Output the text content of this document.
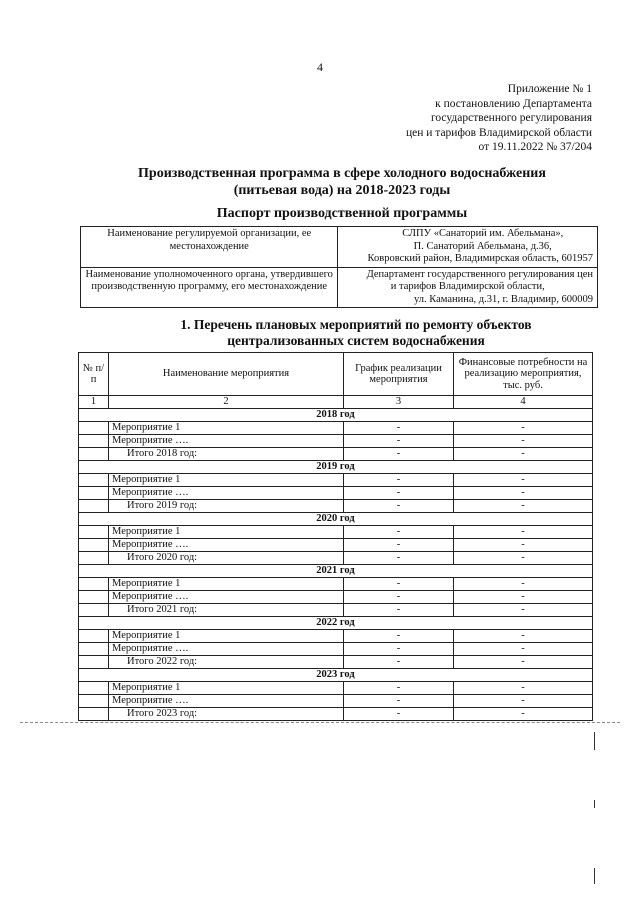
4
Приложение № 1
к постановлению Департамента
государственного регулирования
цен и тарифов Владимирской области
от 19.11.2022 № 37/204
Производственная программа в сфере холодного водоснабжения
(питьевая вода) на 2018-2023 годы
Паспорт производственной программы
Наименование регулируемой организации, ее местонахождение	СЛПУ «Санаторий им. Абельмана»,
П. Санаторий Абельмана, д.36,
Ковровский район, Владимирская область, 601957

Наименование уполномоченного органа, утвердившего производственную программу, его местонахождение	Департамент государственного регулирования цен
и тарифов Владимирской области,
ул. Каманина, д.31, г. Владимир, 600009
1. Перечень плановых мероприятий по ремонту объектов
централизованных систем водоснабжения
№ п/п	Наименование мероприятия	График реализации мероприятия	Финансовые потребности на реализацию мероприятия, тыс. руб.
1	2	3	4
2018 год			
	Мероприятие 1	-	-
	Мероприятие ….	-	-
	Итого 2018 год:	-	-
2019 год			
	Мероприятие 1	-	-
	Мероприятие ….	-	-
	Итого 2019 год:	-	-
2020 год			
	Мероприятие 1	-	-
	Мероприятие ….	-	-
	Итого 2020 год:	-	-
2021 год			
	Мероприятие 1	-	-
	Мероприятие ….	-	-
	Итого 2021 год:	-	-
2022 год			
	Мероприятие 1	-	-
	Мероприятие ….	-	-
	Итого 2022 год:	-	-
2023 год			
	Мероприятие 1	-	-
	Мероприятие ….	-	-
	Итого 2023 год:	-	-
